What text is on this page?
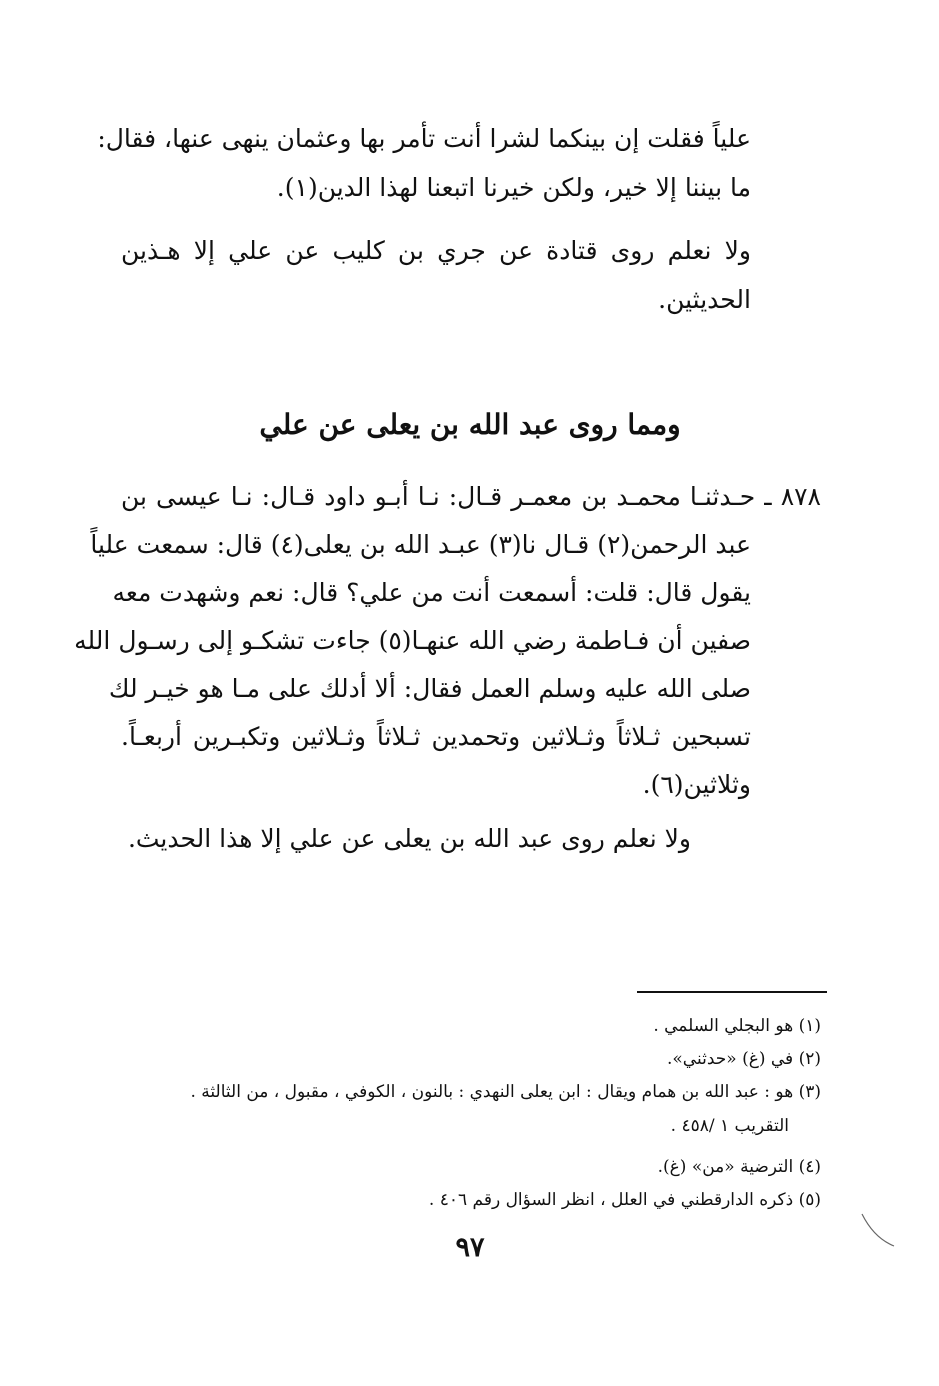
علياً فقلت إن بينكما لشرا أنت تأمر بها وعثمان ينهى عنها، فقال:

ما بيننا إلا خير، ولكن خيرنا اتبعنا لهذا الدين(١).

ولا نعلم روى قتادة عن جري بن كليب عن علي إلا هـذين

الحديثين.

ومما روى عبد الله بن يعلى عن علي

٨٧٨ ـ حـدثنـا محمـد بن معمـر قـال: نـا أبـو داود قـال: نـا عيسى بن

عبد الرحمن(٢) قـال نا(٣) عبـد الله بن يعلى(٤) قال: سمعت علياً

يقول قال: قلت: أسمعت أنت من علي؟ قال: نعم وشهدت معه

صفين أن فـاطمة رضي الله عنهـا(٥) جاءت تشكـو إلى رسـول الله

صلى الله عليه وسلم العمل فقال: ألا أدلك على مـا هو خيـر لك

تسبحين ثـلاثاً وثـلاثين وتحمدين ثـلاثاً وثـلاثين وتكبـرين أربعـاً.

وثلاثين(٦).

ولا نعلم روى عبد الله بن يعلى عن علي إلا هذا الحديث.

(١) هو البجلي السلمي .

(٢) في (غ) «حدثني».

(٣) هو : عبد الله بن همام ويقال : ابن يعلى النهدي : بالنون ، الكوفي ، مقبول ، من الثالثة .

التقريب ١ /٤٥٨ .

(٤) الترضية «من» (غ).

(٥) ذكره الدارقطني في العلل ، انظر السؤال رقم ٤٠٦ .

٩٧
